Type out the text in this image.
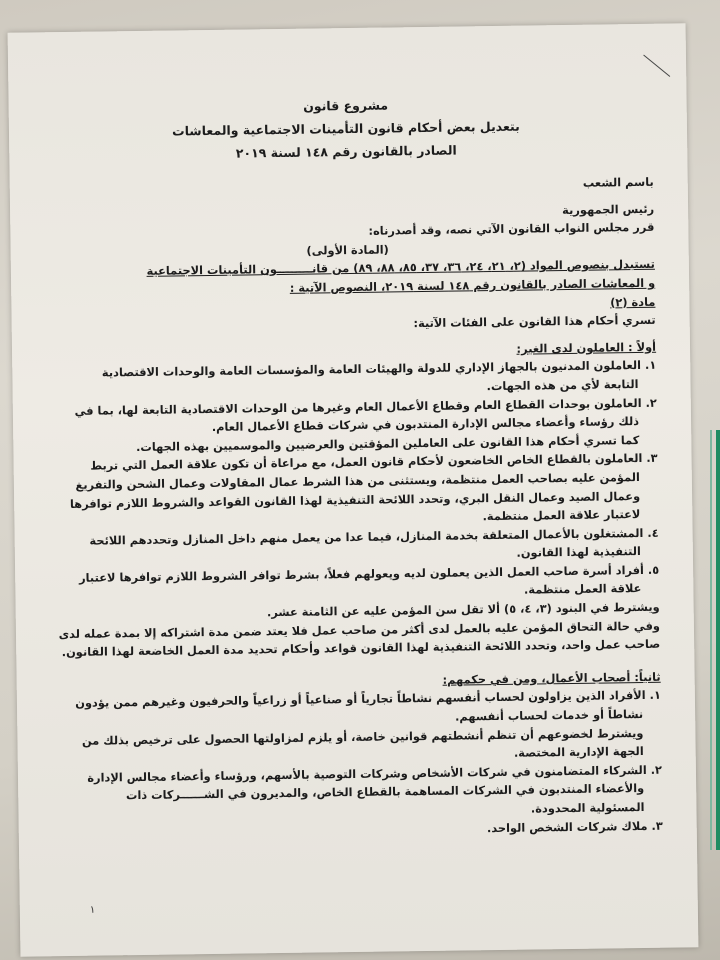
مشروع قانون
بتعديل بعض أحكام قانون التأمينات الاجتماعية والمعاشات
الصادر بالقانون رقم ١٤٨ لسنة ٢٠١٩
باسم الشعب
رئيس الجمهورية
قرر مجلس النواب القانون الآتي نصه، وقد أصدرناه:
(المادة الأولى)
تستبدل بنصوص المواد (٢، ٢١، ٢٤، ٣٦، ٣٧، ٨٥، ٨٨، ٨٩) من قانـــــــــون التأمينات الاجتماعية
و المعاشات الصادر بالقانون رقم ١٤٨ لسنة ٢٠١٩، النصوص الآتية :
مادة (٢)
تسري أحكام هذا القانون على الفئات الآتية:
أولاً : العاملون لدى الغير:
١. العاملون المدنيون بالجهاز الإداري للدولة والهيئات العامة والمؤسسات العامة والوحدات الاقتصادية
التابعة لأي من هذه الجهات.
٢. العاملون بوحدات القطاع العام وقطاع الأعمال العام وغيرها من الوحدات الاقتصادية التابعة لها، بما في
ذلك رؤساء وأعضاء مجالس الإدارة المنتدبون في شركات قطاع الأعمال العام.
كما تسري أحكام هذا القانون على العاملين المؤقتين والعرضيين والموسميين بهذه الجهات.
٣. العاملون بالقطاع الخاص الخاضعون لأحكام قانون العمل، مع مراعاة أن تكون علاقة العمل التي تربط
المؤمن عليه بصاحب العمل منتظمة، ويستثنى من هذا الشرط عمال المقاولات وعمال الشحن والتفريغ
وعمال الصيد وعمال النقل البري، وتحدد اللائحة التنفيذية لهذا القانون القواعد والشروط اللازم توافرها
لاعتبار علاقة العمل منتظمة.
٤. المشتغلون بالأعمال المتعلقة بخدمة المنازل، فيما عدا من يعمل منهم داخل المنازل وتحددهم اللائحة
التنفيذية لهذا القانون.
٥. أفراد أسرة صاحب العمل الذين يعملون لديه ويعولهم فعلاً، بشرط توافر الشروط اللازم توافرها لاعتبار
علاقة العمل منتظمة.
ويشترط في البنود (٣، ٤، ٥) ألا تقل سن المؤمن عليه عن الثامنة عشر.
وفي حالة التحاق المؤمن عليه بالعمل لدى أكثر من صاحب عمل فلا يعتد ضمن مدة اشتراكه إلا بمدة عمله لدى
صاحب عمل واحد، وتحدد اللائحة التنفيذية لهذا القانون قواعد وأحكام تحديد مدة العمل الخاضعة لهذا القانون.
ثانياً: أصحاب الأعمال، ومن في حكمهم:
١. الأفراد الذين يزاولون لحساب أنفسهم نشاطاً تجارياً أو صناعياً أو زراعياً والحرفيون وغيرهم ممن يؤدون
نشاطاً أو خدمات لحساب أنفسهم.
ويشترط لخضوعهم أن تنظم أنشطتهم قوانين خاصة، أو يلزم لمزاولتها الحصول على ترخيص بذلك من
الجهة الإدارية المختصة.
٢. الشركاء المتضامنون في شركات الأشخاص وشركات التوصية بالأسهم، ورؤساء وأعضاء مجالس الإدارة
والأعضاء المنتدبون في الشركات المساهمة بالقطاع الخاص، والمديرون في الشــــــركات ذات
المسئولية المحدودة.
٣. ملاك شركات الشخص الواحد.
١
